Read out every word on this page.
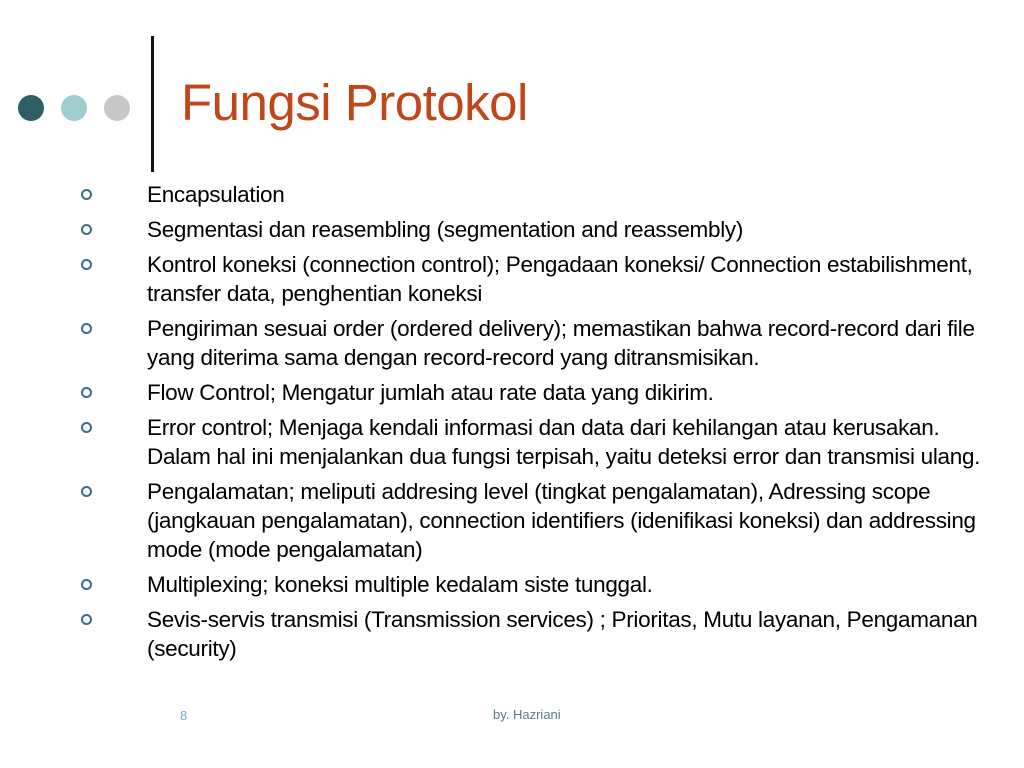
Fungsi Protokol
Encapsulation
Segmentasi dan reasembling (segmentation and reassembly)
Kontrol koneksi (connection control); Pengadaan koneksi/ Connection estabilishment, transfer data, penghentian koneksi
Pengiriman sesuai order (ordered delivery); memastikan bahwa record-record dari file yang diterima sama dengan record-record yang ditransmisikan.
Flow Control; Mengatur jumlah atau rate data yang dikirim.
Error control; Menjaga kendali informasi dan data dari kehilangan atau kerusakan. Dalam hal ini menjalankan dua fungsi terpisah, yaitu deteksi error dan transmisi ulang.
Pengalamatan; meliputi addresing level (tingkat pengalamatan), Adressing scope (jangkauan pengalamatan), connection identifiers (idenifikasi koneksi) dan addressing mode (mode pengalamatan)
Multiplexing; koneksi multiple kedalam siste tunggal.
Sevis-servis transmisi (Transmission services) ; Prioritas, Mutu layanan, Pengamanan (security)
8	by. Hazriani
